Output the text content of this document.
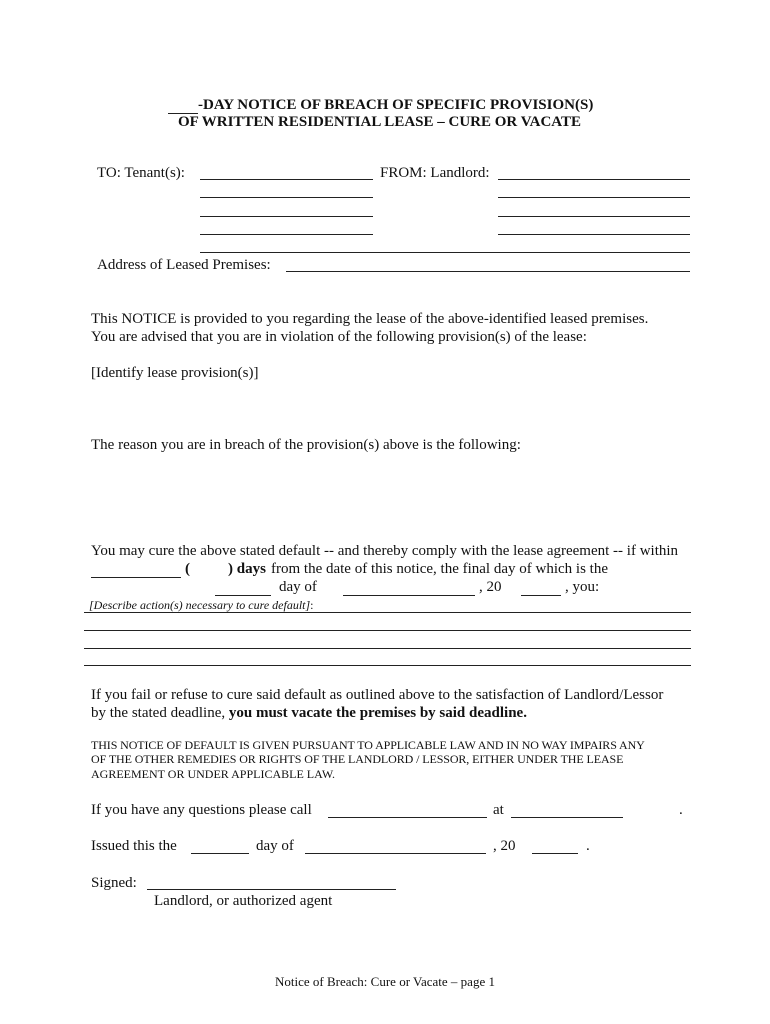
-DAY NOTICE OF BREACH OF SPECIFIC PROVISION(S)
OF WRITTEN RESIDENTIAL LEASE – CURE OR VACATE
TO: Tenant(s):	FROM: Landlord:
Address of Leased Premises:
This NOTICE is provided to you regarding the lease of the above-identified leased premises.
You are advised that you are in violation of the following provision(s) of the lease:
[Identify lease provision(s)]
The reason you are in breach of the provision(s) above is the following:
You may cure the above stated default -- and thereby comply with the lease agreement -- if within
(	) days from the date of this notice, the final day of which is the
day of	, 20	, you:
[Describe action(s) necessary to cure default]:
If you fail or refuse to cure said default as outlined above to the satisfaction of Landlord/Lessor
by the stated deadline, you must vacate the premises by said deadline.
THIS NOTICE OF DEFAULT IS GIVEN PURSUANT TO APPLICABLE LAW AND IN NO WAY IMPAIRS ANY
OF THE OTHER REMEDIES OR RIGHTS OF THE LANDLORD / LESSOR, EITHER UNDER THE LEASE
AGREEMENT OR UNDER APPLICABLE LAW.
If you have any questions please call	at	.
Issued this the	day of	, 20	.
Signed:
Landlord, or authorized agent
Notice of Breach: Cure or Vacate – page 1
